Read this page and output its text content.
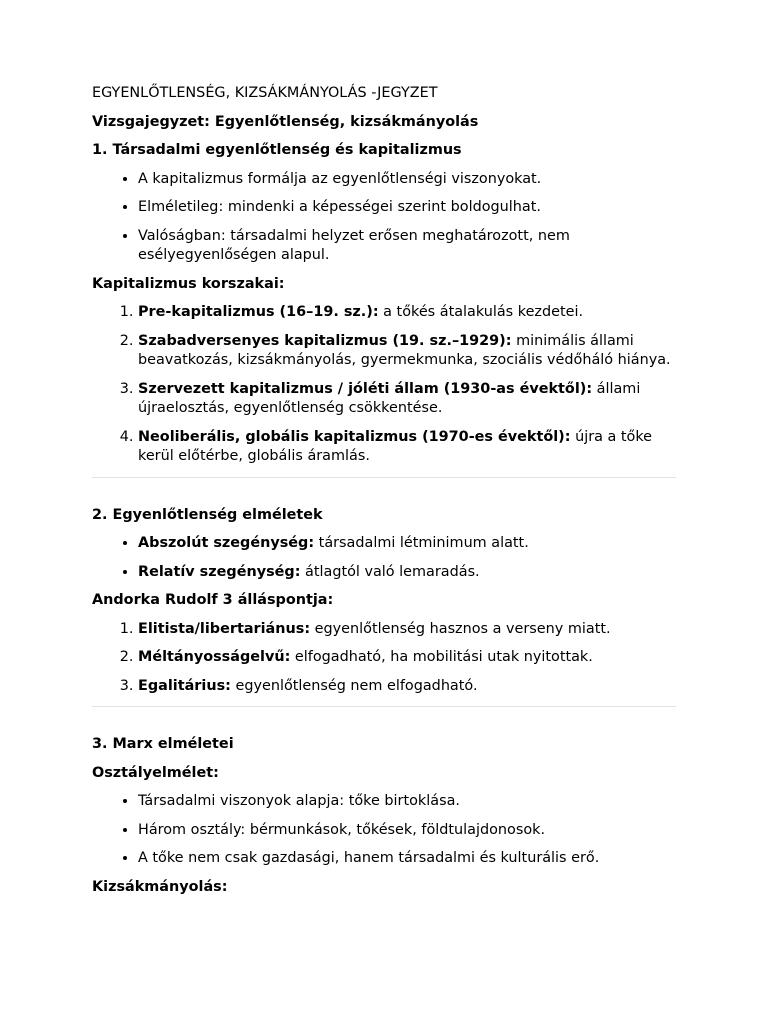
EGYENLŐTLENSÉG, KIZSÁKMÁNYOLÁS -JEGYZET

Vizsgajegyzet: Egyenlőtlenség, kizsákmányolás

1. Társadalmi egyenlőtlenség és kapitalizmus

• A kapitalizmus formálja az egyenlőtlenségi viszonyokat.
• Elméletileg: mindenki a képességei szerint boldogulhat.
• Valóságban: társadalmi helyzet erősen meghatározott, nem esélyegyenlőségen alapul.

Kapitalizmus korszakai:

1. Pre-kapitalizmus (16–19. sz.): a tőkés átalakulás kezdetei.
2. Szabadversenyes kapitalizmus (19. sz.–1929): minimális állami beavatkozás, kizsákmányolás, gyermekmunka, szociális védőháló hiánya.
3. Szervezett kapitalizmus / jóléti állam (1930-as évektől): állami újraelosztás, egyenlőtlenség csökkentése.
4. Neoliberális, globális kapitalizmus (1970-es évektől): újra a tőke kerül előtérbe, globális áramlás.

2. Egyenlőtlenség elméletek

• Abszolút szegénység: társadalmi létminimum alatt.
• Relatív szegénység: átlagtól való lemaradás.

Andorka Rudolf 3 álláspontja:

1. Elitista/libertariánus: egyenlőtlenség hasznos a verseny miatt.
2. Méltányosságelvű: elfogadható, ha mobilitási utak nyitottak.
3. Egalitárius: egyenlőtlenség nem elfogadható.

3. Marx elméletei

Osztályelmélet:

• Társadalmi viszonyok alapja: tőke birtoklása.
• Három osztály: bérmunkások, tőkések, földtulajdonosok.
• A tőke nem csak gazdasági, hanem társadalmi és kulturális erő.

Kizsákmányolás:
